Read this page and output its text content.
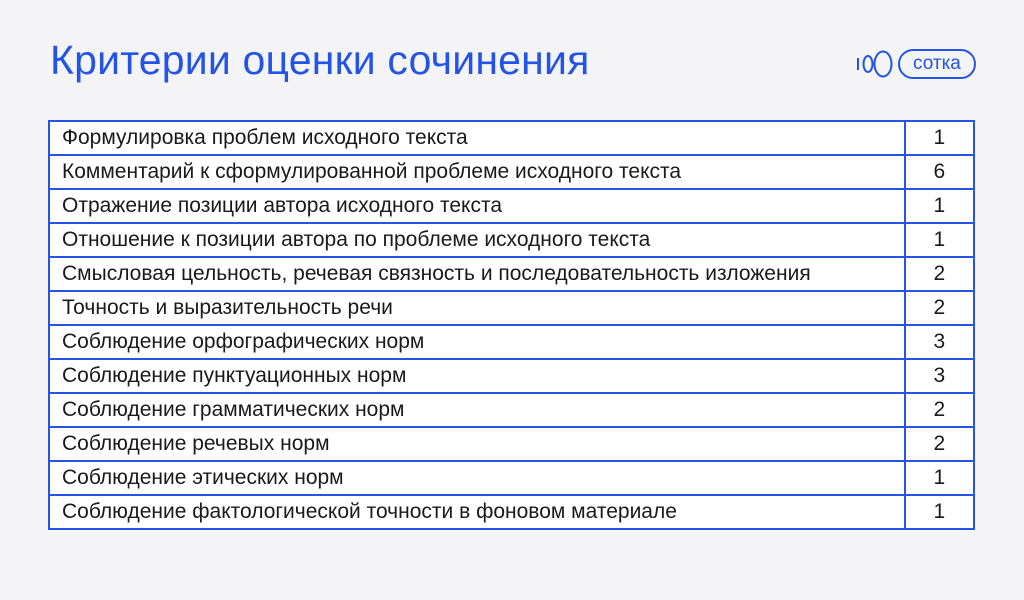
Критерии оценки сочинения	сотка
Формулировка проблем исходного текста	1
Комментарий к сформулированной проблеме исходного текста	6
Отражение позиции автора исходного текста	1
Отношение к позиции автора по проблеме исходного текста	1
Смысловая цельность, речевая связность и последовательность изложения	2
Точность и выразительность речи	2
Соблюдение орфографических норм	3
Соблюдение пунктуационных норм	3
Соблюдение грамматических норм	2
Соблюдение речевых норм	2
Соблюдение этических норм	1
Соблюдение фактологической точности в фоновом материале	1
